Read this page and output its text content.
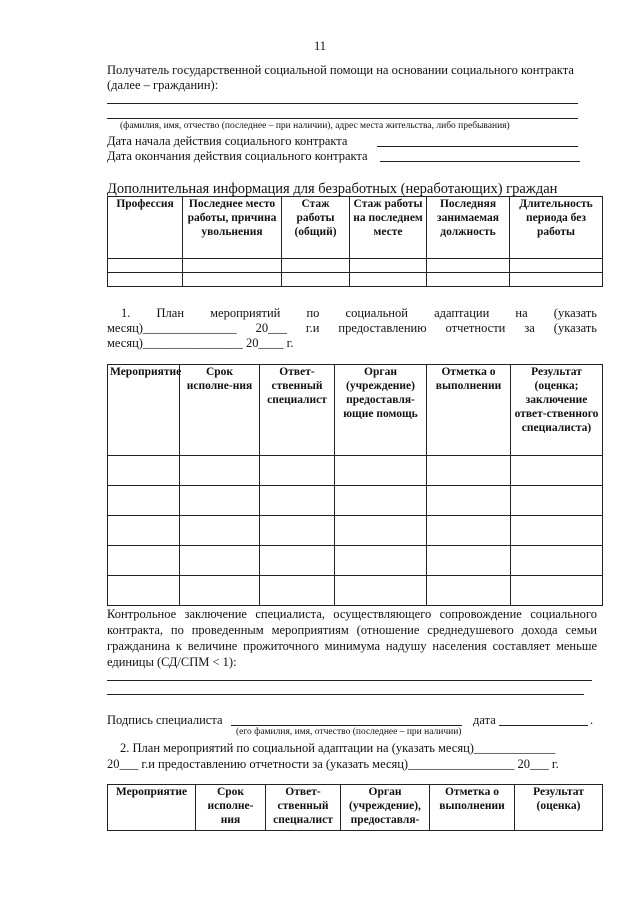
11
Получатель государственной социальной помощи на основании социального контракта
(далее – гражданин):
(фамилия, имя, отчество (последнее – при наличии), адрес места жительства, либо пребывания)
Дата начала действия социального контракта
Дата окончания действия социального контракта
Дополнительная информация для безработных (неработающих) граждан
Профессия	Последнее место работы, причина увольнения	Стаж работы (общий)	Стаж работы на последнем месте	Последняя занимаемая должность	Длительность периода без работы

1. План мероприятий по социальной адаптации на (указать
месяц)_______________ 20___ г.и предоставлению отчетности за (указать
месяц)________________ 20____ г.
Мероприятие	Срок исполне-ния	Ответ-ственный специалист	Орган (учреждение) предоставля-ющие помощь	Отметка о выполнении	Результат (оценка; заключение ответ-ственного специалиста)

Контрольное заключение специалиста, осуществляющего сопровождение социального
контракта, по проведенным мероприятиям (отношение среднедушевого дохода семьи
гражданина к величине прожиточного минимума надушу населения составляет меньше
единицы (СД/СПМ < 1):
Подпись специалиста	дата	.
(его фамилия, имя, отчество (последнее – при наличии)
2. План мероприятий по социальной адаптации на (указать месяц)_____________
20___ г.и предоставлению отчетности за (указать месяц)_________________ 20___ г.
Мероприятие	Срок исполне-ния	Ответ-ственный специалист	Орган (учреждение), предоставля-	Отметка о выполнении	Результат (оценка)
